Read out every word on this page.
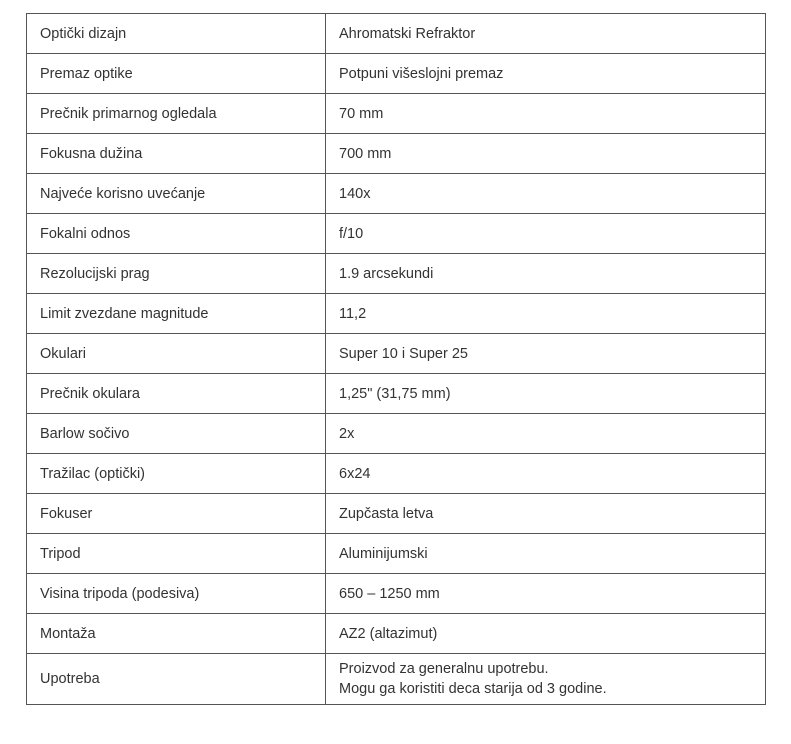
Optički dizajn	Ahromatski Refraktor
Premaz optike	Potpuni višeslojni premaz
Prečnik primarnog ogledala	70 mm
Fokusna dužina	700 mm
Najveće korisno uvećanje	140x
Fokalni odnos	f/10
Rezolucijski prag	1.9 arcsekundi
Limit zvezdane magnitude	11,2
Okulari	Super 10 i Super 25
Prečnik okulara	1,25" (31,75 mm)
Barlow sočivo	2x
Tražilac (optički)	6x24
Fokuser	Zupčasta letva
Tripod	Aluminijumski
Visina tripoda (podesiva)	650 – 1250 mm
Montaža	AZ2 (altazimut)
Upotreba	Proizvod za generalnu upotrebu.
Mogu ga koristiti deca starija od 3 godine.
